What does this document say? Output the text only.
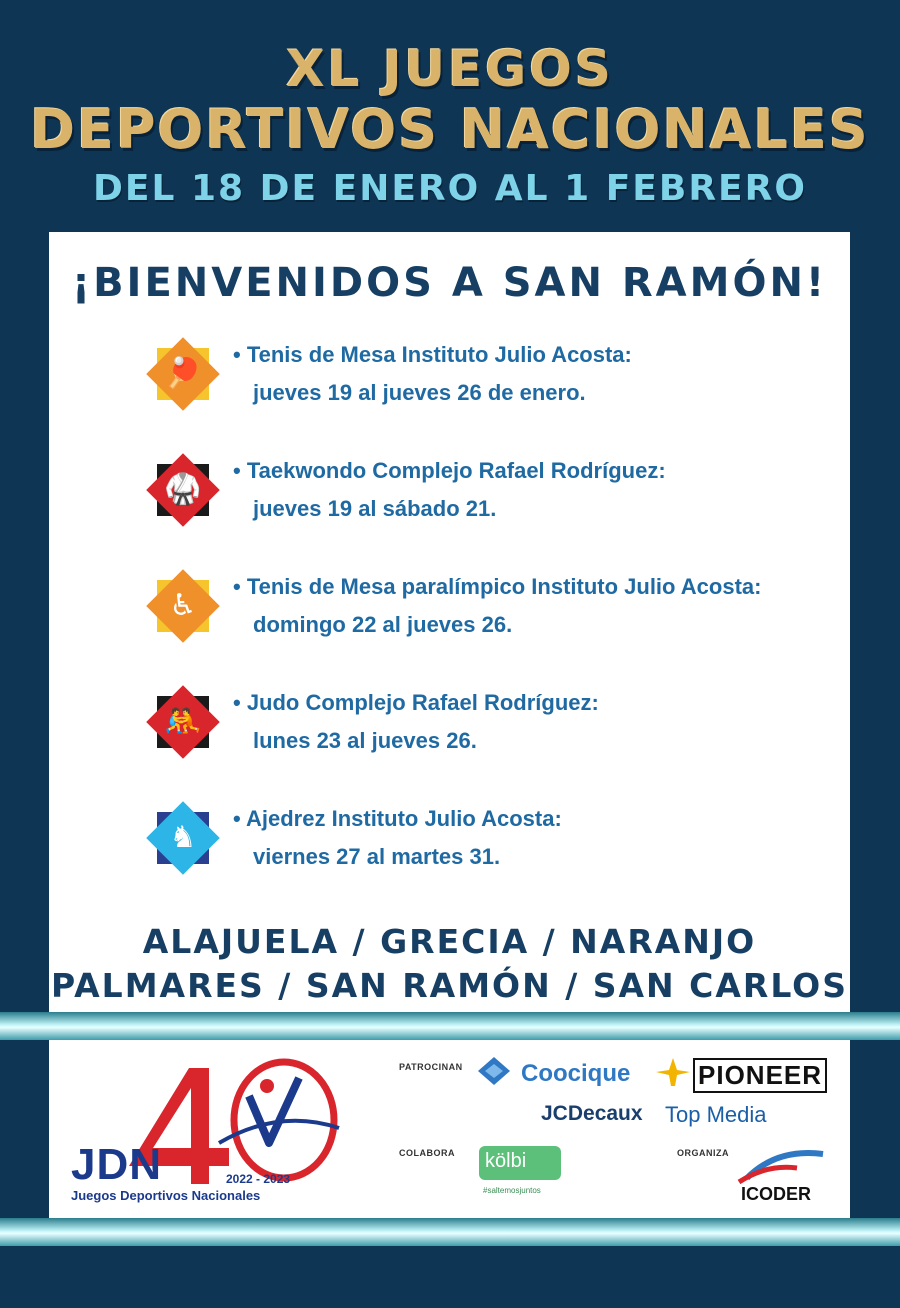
XL JUEGOS
DEPORTIVOS NACIONALES
DEL 18 DE ENERO AL 1 FEBRERO
¡BIENVENIDOS A SAN RAMÓN!
🏓
• Tenis de Mesa Instituto Julio Acosta:
jueves 19 al jueves 26 de enero.
🥋
• Taekwondo Complejo Rafael Rodríguez:
jueves 19 al sábado 21.
♿
• Tenis de Mesa paralímpico Instituto Julio Acosta:
domingo 22 al jueves 26.
🤼
• Judo Complejo Rafael Rodríguez:
lunes 23 al jueves 26.
♞
• Ajedrez Instituto Julio Acosta:
viernes 27 al martes 31.
ALAJUELA / GRECIA / NARANJO
PALMARES / SAN RAMÓN / SAN CARLOS
JDN	2022 - 2023
Juegos Deportivos Nacionales
PATROCINAN Coocique	PIONEER
JCDecaux Top Media
COLABORA kölbi
#saltemosjuntos
ORGANIZA
ICODER
